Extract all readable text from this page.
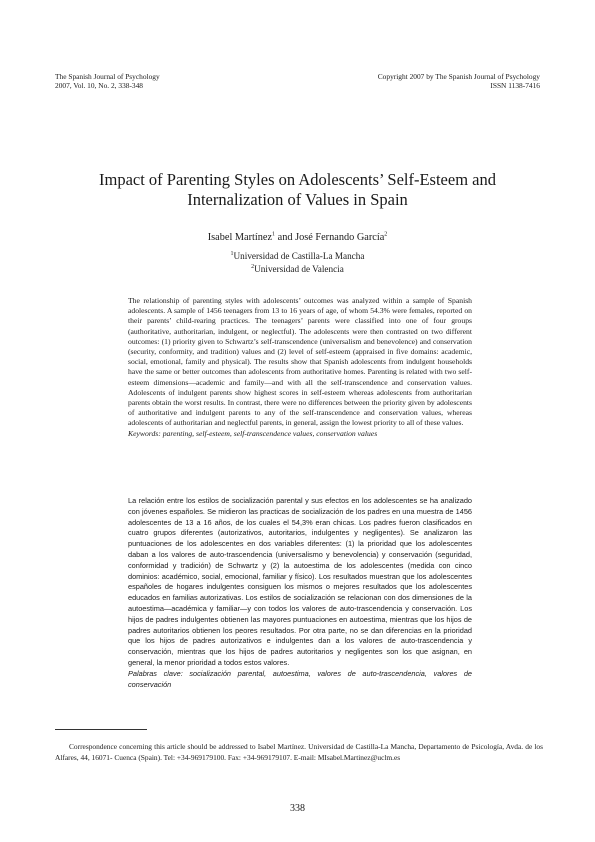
The Spanish Journal of Psychology
2007, Vol. 10, No. 2, 338-348
Copyright 2007 by The Spanish Journal of Psychology
ISSN 1138-7416
Impact of Parenting Styles on Adolescents’ Self-Esteem and
Internalization of Values in Spain
Isabel Martínez$^1$ and José Fernando García$^2$
$^1$Universidad de Castilla-La Mancha
$^2$Universidad de Valencia

The relationship of parenting styles with adolescents’ outcomes was analyzed within a sample of Spanish adolescents. A sample of 1456 teenagers from 13 to 16 years of age, of whom 54.3% were females, reported on their parents’ child-rearing practices. The teenagers’ parents were classified into one of four groups (authoritative, authoritarian, indulgent, or neglectful). The adolescents were then contrasted on two different outcomes: (1) priority given to Schwartz’s self-transcendence (universalism and benevolence) and conservation (security, conformity, and tradition) values and (2) level of self-esteem (appraised in five domains: academic, social, emotional, family and physical). The results show that Spanish adolescents from indulgent households have the same or better outcomes than adolescents from authoritative homes. Parenting is related with two self-esteem dimensions—academic and family—and with all the self-transcendence and conservation values. Adolescents of indulgent parents show highest scores in self-esteem whereas adolescents from authoritarian parents obtain the worst results. In contrast, there were no differences between the priority given by adolescents of authoritative and indulgent parents to any of the self-transcendence and conservation values, whereas adolescents of authoritarian and neglectful parents, in general, assign the lowest priority to all of these values.
Keywords: parenting, self-esteem, self-transcendence values, conservation values

La relación entre los estilos de socialización parental y sus efectos en los adolescentes se ha analizado con jóvenes españoles. Se midieron las practicas de socialización de los padres en una muestra de 1456 adolescentes de 13 a 16 años, de los cuales el 54,3% eran chicas. Los padres fueron clasificados en cuatro grupos diferentes (autorizativos, autoritarios, indulgentes y negligentes). Se analizaron las puntuaciones de los adolescentes en dos variables diferentes: (1) la prioridad que los adolescentes daban a los valores de auto-trascendencia (universalismo y benevolencia) y conservación (seguridad, conformidad y tradición) de Schwartz y (2) la autoestima de los adolescentes (medida con cinco dominios: académico, social, emocional, familiar y físico). Los resultados muestran que los adolescentes españoles de hogares indulgentes consiguen los mismos o mejores resultados que los adolescentes educados en familias autorizativas. Los estilos de socialización se relacionan con dos dimensiones de la autoestima—académica y familiar—y con todos los valores de auto-trascendencia y conservación. Los hijos de padres indulgentes obtienen las mayores puntuaciones en autoestima, mientras que los hijos de padres autoritarios obtienen los peores resultados. Por otra parte, no se dan diferencias en la prioridad que los hijos de padres autorizativos e indulgentes dan a los valores de auto-trascendencia y conservación, mientras que los hijos de padres autoritarios y negligentes son los que asignan, en general, la menor prioridad a todos estos valores.
Palabras clave: socialización parental, autoestima, valores de auto-trascendencia, valores de conservación

Correspondence concerning this article should be addressed to Isabel Martínez. Universidad de Castilla-La Mancha, Departamento de Psicología, Avda. de los Alfares, 44, 16071- Cuenca (Spain). Tel: +34-969179100. Fax: +34-969179107. E-mail: MIsabel.Martinez@uclm.es

338
